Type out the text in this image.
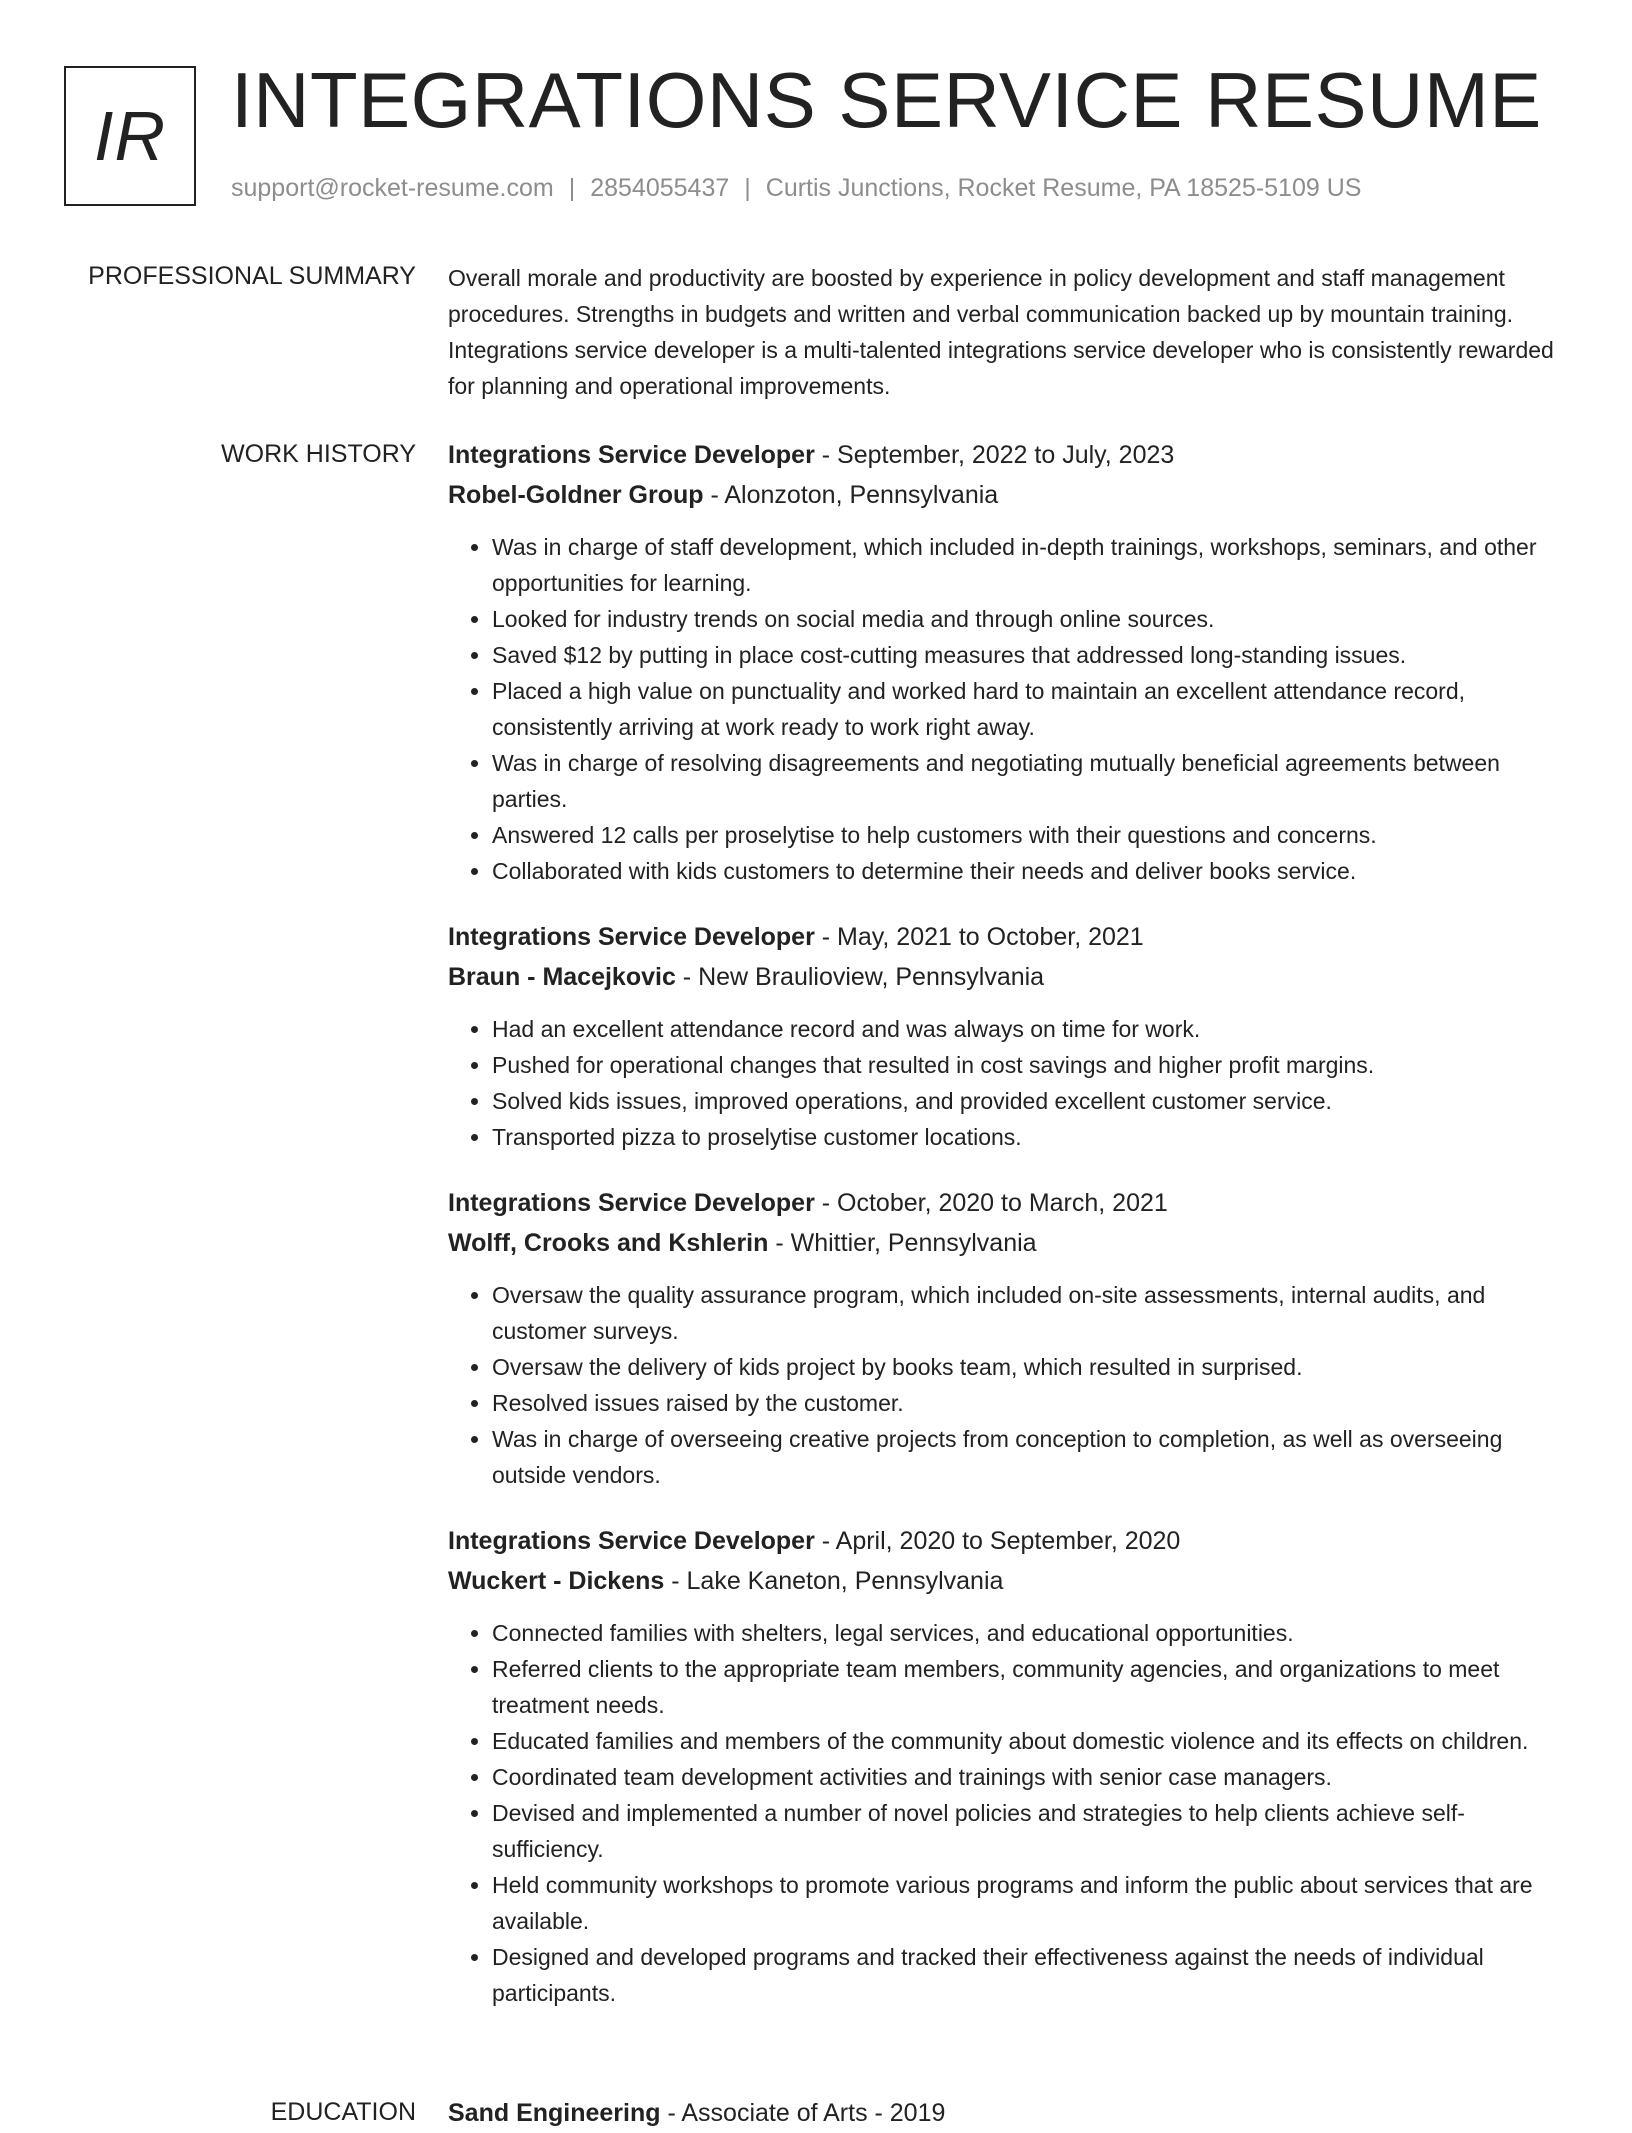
IR INTEGRATIONS SERVICE RESUME
support@rocket-resume.com | 2854055437 | Curtis Junctions, Rocket Resume, PA 18525-5109 US
PROFESSIONAL SUMMARY Overall morale and productivity are boosted by experience in policy development and staff management procedures. Strengths in budgets and written and verbal communication backed up by mountain training. Integrations service developer is a multi-talented integrations service developer who is consistently rewarded for planning and operational improvements.
WORK HISTORY Integrations Service Developer - September, 2022 to July, 2023
Robel-Goldner Group - Alonzoton, Pennsylvania
• Was in charge of staff development, which included in-depth trainings, workshops, seminars, and other opportunities for learning.
• Looked for industry trends on social media and through online sources.
• Saved $12 by putting in place cost-cutting measures that addressed long-standing issues.
• Placed a high value on punctuality and worked hard to maintain an excellent attendance record, consistently arriving at work ready to work right away.
• Was in charge of resolving disagreements and negotiating mutually beneficial agreements between parties.
• Answered 12 calls per proselytise to help customers with their questions and concerns.
• Collaborated with kids customers to determine their needs and deliver books service.
Integrations Service Developer - May, 2021 to October, 2021
Braun - Macejkovic - New Braulioview, Pennsylvania
• Had an excellent attendance record and was always on time for work.
• Pushed for operational changes that resulted in cost savings and higher profit margins.
• Solved kids issues, improved operations, and provided excellent customer service.
• Transported pizza to proselytise customer locations.
Integrations Service Developer - October, 2020 to March, 2021
Wolff, Crooks and Kshlerin - Whittier, Pennsylvania
• Oversaw the quality assurance program, which included on-site assessments, internal audits, and customer surveys.
• Oversaw the delivery of kids project by books team, which resulted in surprised.
• Resolved issues raised by the customer.
• Was in charge of overseeing creative projects from conception to completion, as well as overseeing outside vendors.
Integrations Service Developer - April, 2020 to September, 2020
Wuckert - Dickens - Lake Kaneton, Pennsylvania
• Connected families with shelters, legal services, and educational opportunities.
• Referred clients to the appropriate team members, community agencies, and organizations to meet treatment needs.
• Educated families and members of the community about domestic violence and its effects on children.
• Coordinated team development activities and trainings with senior case managers.
• Devised and implemented a number of novel policies and strategies to help clients achieve self-sufficiency.
• Held community workshops to promote various programs and inform the public about services that are available.
• Designed and developed programs and tracked their effectiveness against the needs of individual participants.
EDUCATION Sand Engineering - Associate of Arts - 2019
